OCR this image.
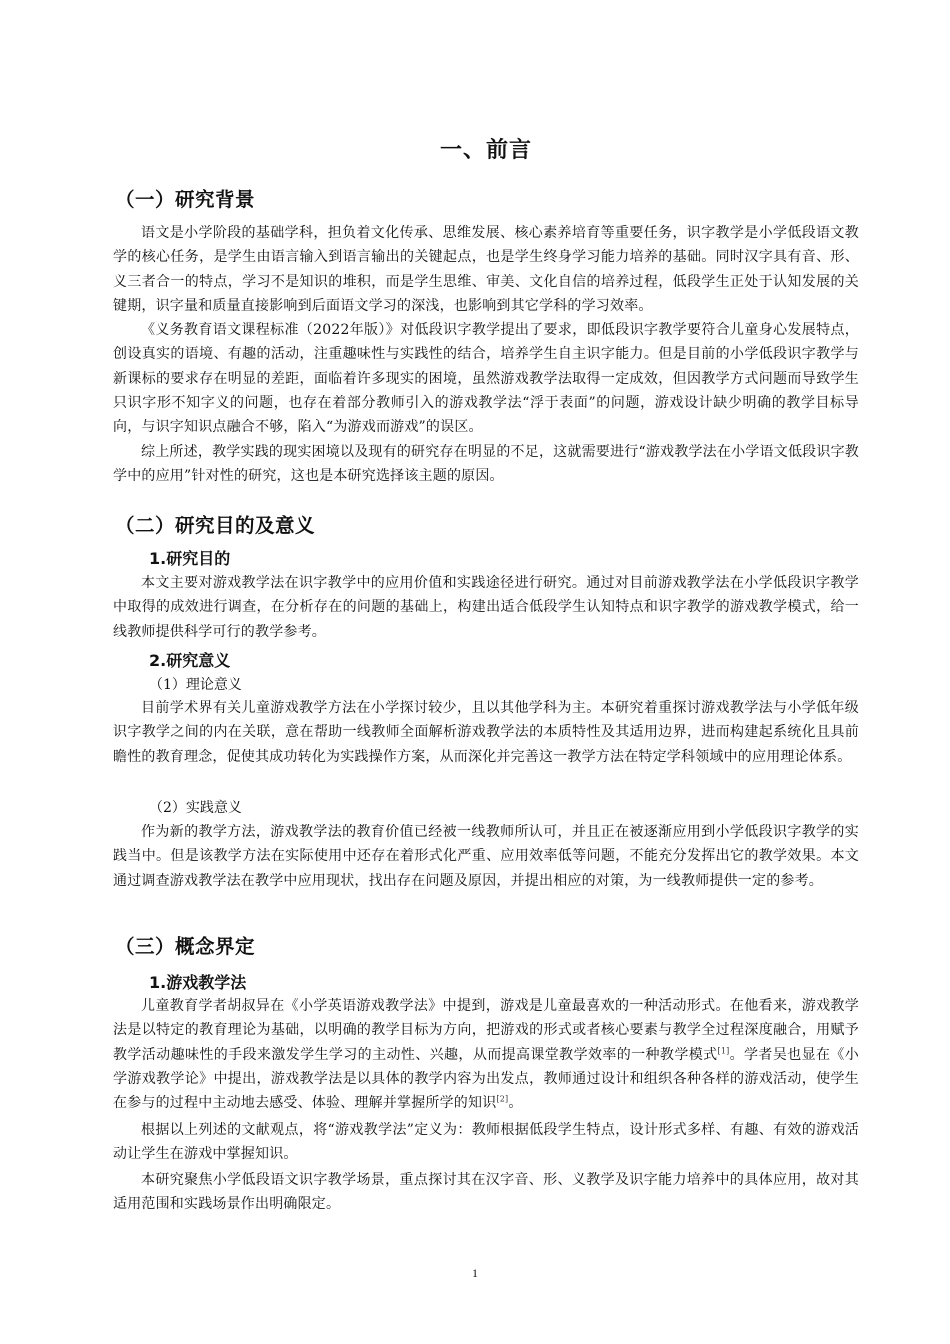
一、前言
（一）研究背景
语文是小学阶段的基础学科，担负着文化传承、思维发展、核心素养培育等重要任务，识字教学是小学低段语文教学的核心任务，是学生由语言输入到语言输出的关键起点，也是学生终身学习能力培养的基础。同时汉字具有音、形、义三者合一的特点，学习不是知识的堆积，而是学生思维、审美、文化自信的培养过程，低段学生正处于认知发展的关键期，识字量和质量直接影响到后面语文学习的深浅，也影响到其它学科的学习效率。
《义务教育语文课程标准（2022年版）》对低段识字教学提出了要求，即低段识字教学要符合儿童身心发展特点，创设真实的语境、有趣的活动，注重趣味性与实践性的结合，培养学生自主识字能力。但是目前的小学低段识字教学与新课标的要求存在明显的差距，面临着许多现实的困境，虽然游戏教学法取得一定成效，但因教学方式问题而导致学生只识字形不知字义的问题，也存在着部分教师引入的游戏教学法“浮于表面”的问题，游戏设计缺少明确的教学目标导向，与识字知识点融合不够，陷入“为游戏而游戏”的误区。
综上所述，教学实践的现实困境以及现有的研究存在明显的不足，这就需要进行“游戏教学法在小学语文低段识字教学中的应用”针对性的研究，这也是本研究选择该主题的原因。
（二）研究目的及意义
1.研究目的
本文主要对游戏教学法在识字教学中的应用价值和实践途径进行研究。通过对目前游戏教学法在小学低段识字教学中取得的成效进行调查，在分析存在的问题的基础上，构建出适合低段学生认知特点和识字教学的游戏教学模式，给一线教师提供科学可行的教学参考。
2.研究意义
（1）理论意义
目前学术界有关儿童游戏教学方法在小学探讨较少，且以其他学科为主。本研究着重探讨游戏教学法与小学低年级识字教学之间的内在关联，意在帮助一线教师全面解析游戏教学法的本质特性及其适用边界，进而构建起系统化且具前瞻性的教育理念，促使其成功转化为实践操作方案，从而深化并完善这一教学方法在特定学科领域中的应用理论体系。
（2）实践意义
作为新的教学方法，游戏教学法的教育价值已经被一线教师所认可，并且正在被逐渐应用到小学低段识字教学的实践当中。但是该教学方法在实际使用中还存在着形式化严重、应用效率低等问题，不能充分发挥出它的教学效果。本文通过调查游戏教学法在教学中应用现状，找出存在问题及原因，并提出相应的对策，为一线教师提供一定的参考。
（三）概念界定
1.游戏教学法
儿童教育学者胡叔异在《小学英语游戏教学法》中提到，游戏是儿童最喜欢的一种活动形式。在他看来，游戏教学法是以特定的教育理论为基础，以明确的教学目标为方向，把游戏的形式或者核心要素与教学全过程深度融合，用赋予教学活动趣味性的手段来激发学生学习的主动性、兴趣，从而提高课堂教学效率的一种教学模式[1]。学者吴也显在《小学游戏教学论》中提出，游戏教学法是以具体的教学内容为出发点，教师通过设计和组织各种各样的游戏活动，使学生在参与的过程中主动地去感受、体验、理解并掌握所学的知识[2]。
根据以上列述的文献观点，将“游戏教学法”定义为：教师根据低段学生特点，设计形式多样、有趣、有效的游戏活动让学生在游戏中掌握知识。
本研究聚焦小学低段语文识字教学场景，重点探讨其在汉字音、形、义教学及识字能力培养中的具体应用，故对其适用范围和实践场景作出明确限定。
1
